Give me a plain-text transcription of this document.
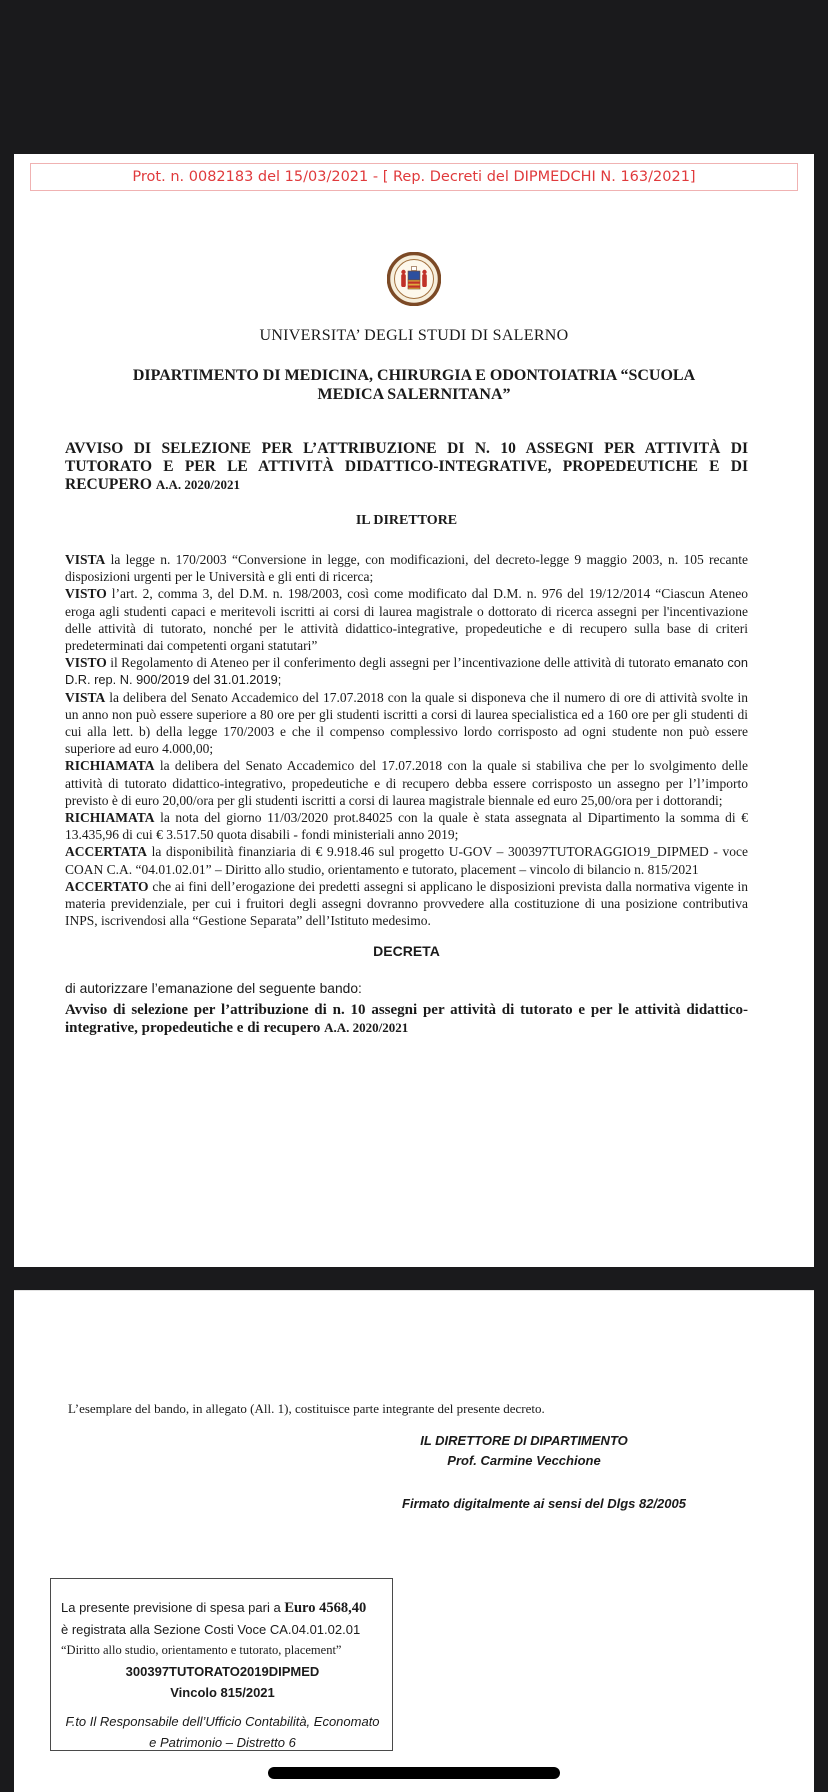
Prot. n. 0082183 del 15/03/2021 - [ Rep. Decreti del DIPMEDCHI N. 163/2021]
UNIVERSITA’ DEGLI STUDI DI SALERNO
DIPARTIMENTO DI MEDICINA, CHIRURGIA E ODONTOIATRIA “SCUOLA MEDICA SALERNITANA”

AVVISO DI SELEZIONE PER L’ATTRIBUZIONE DI N. 10 ASSEGNI PER ATTIVITÀ DI TUTORATO E PER LE ATTIVITÀ DIDATTICO-INTEGRATIVE, PROPEDEUTICHE E DI RECUPERO A.A. 2020/2021

IL DIRETTORE

VISTA la legge n. 170/2003 “Conversione in legge, con modificazioni, del decreto-legge 9 maggio 2003, n. 105 recante disposizioni urgenti per le Università e gli enti di ricerca;

VISTO l’art. 2, comma 3, del D.M. n. 198/2003, così come modificato dal D.M. n. 976 del 19/12/2014 “Ciascun Ateneo eroga agli studenti capaci e meritevoli iscritti ai corsi di laurea magistrale o dottorato di ricerca assegni per l'incentivazione delle attività di tutorato, nonché per le attività didattico-integrative, propedeutiche e di recupero sulla base di criteri predeterminati dai competenti organi statutari”

VISTO il Regolamento di Ateneo per il conferimento degli assegni per l’incentivazione delle attività di tutorato emanato con D.R. rep. N. 900/2019 del 31.01.2019;

VISTA la delibera del Senato Accademico del 17.07.2018 con la quale si disponeva che il numero di ore di attività svolte in un anno non può essere superiore a 80 ore per gli studenti iscritti a corsi di laurea specialistica ed a 160 ore per gli studenti di cui alla lett. b) della legge 170/2003 e che il compenso complessivo lordo corrisposto ad ogni studente non può essere superiore ad euro 4.000,00;

RICHIAMATA la delibera del Senato Accademico del 17.07.2018 con la quale si stabiliva che per lo svolgimento delle attività di tutorato didattico-integrativo, propedeutiche e di recupero debba essere corrisposto un assegno per l’l’importo previsto è di euro 20,00/ora per gli studenti iscritti a corsi di laurea magistrale biennale ed euro 25,00/ora per i dottorandi;

RICHIAMATA la nota del giorno 11/03/2020 prot.84025 con la quale è stata assegnata al Dipartimento la somma di € 13.435,96 di cui € 3.517.50 quota disabili - fondi ministeriali anno 2019;

ACCERTATA la disponibilità finanziaria di € 9.918.46 sul progetto U-GOV – 300397TUTORAGGIO19_DIPMED - voce COAN C.A. “04.01.02.01” – Diritto allo studio, orientamento e tutorato, placement – vincolo di bilancio n. 815/2021

ACCERTATO che ai fini dell’erogazione dei predetti assegni si applicano le disposizioni prevista dalla normativa vigente in materia previdenziale, per cui i fruitori degli assegni dovranno provvedere alla costituzione di una posizione contributiva INPS, iscrivendosi alla “Gestione Separata” dell’Istituto medesimo.

DECRETA

di autorizzare l’emanazione del seguente bando:

Avviso di selezione per l’attribuzione di n. 10 assegni per attività di tutorato e per le attività didattico-integrative, propedeutiche e di recupero A.A. 2020/2021

L’esemplare del bando, in allegato (All. 1), costituisce parte integrante del presente decreto.

IL DIRETTORE DI DIPARTIMENTO
Prof. Carmine Vecchione
Firmato digitalmente ai sensi del Dlgs 82/2005
La presente previsione di spesa pari a Euro 4568,40
è registrata alla Sezione Costi Voce CA.04.01.02.01
“Diritto allo studio, orientamento e tutorato, placement”
300397TUTORATO2019DIPMED
Vincolo 815/2021
F.to Il Responsabile dell’Ufficio Contabilità, Economato
e Patrimonio – Distretto 6
